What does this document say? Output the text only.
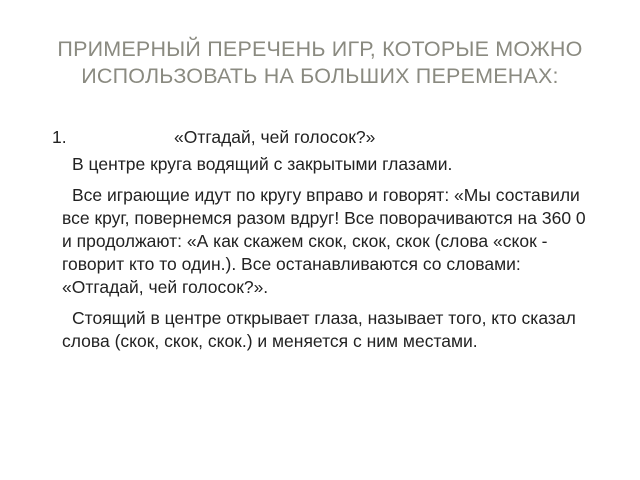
ПРИМЕРНЫЙ ПЕРЕЧЕНЬ ИГР, КОТОРЫЕ МОЖНО
ИСПОЛЬЗОВАТЬ НА БОЛЬШИХ ПЕРЕМЕНАХ:
1.	«Отгадай, чей голосок?»

В центре круга водящий с закрытыми глазами.

Все играющие идут по кругу вправо и говорят: «Мы составили все круг, повернемся разом вдруг! Все поворачиваются на 360 0 и продолжают: «А как скажем скок, скок, скок (слова «скок - говорит кто то один.). Все останавливаются со словами: «Отгадай, чей голосок?».

Стоящий в центре открывает глаза, называет того, кто сказал слова (скок, скок, скок.) и меняется с ним местами.
